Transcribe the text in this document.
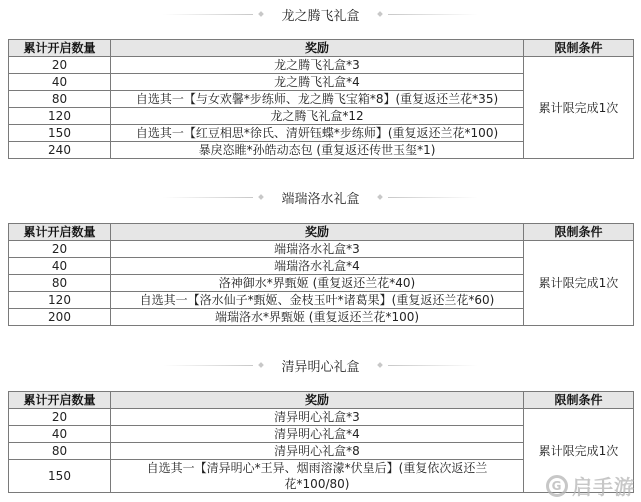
龙之腾飞礼盒
累计开启数量	奖励	限制条件
20	龙之腾飞礼盒*3	累计限完成1次
40	龙之腾飞礼盒*4	
80	自选其一【与女欢馨*步练师、龙之腾飞宝箱*8】(重复返还兰花*35)	
120	龙之腾飞礼盒*12	
150	自选其一【红豆相思*徐氏、清妍钰蝶*步练师】(重复返还兰花*100)	
240	暴戾恣睢*孙皓动态包 (重复返还传世玉玺*1)	
端瑞洛水礼盒
累计开启数量	奖励	限制条件
20	端瑞洛水礼盒*3	累计限完成1次
40	端瑞洛水礼盒*4	
80	洛神御水*界甄姬 (重复返还兰花*40)	
120	自选其一【洛水仙子*甄姬、金枝玉叶*诸葛果】(重复返还兰花*60)	
200	端瑞洛水*界甄姬 (重复返还兰花*100)	
清异明心礼盒
累计开启数量	奖励	限制条件
20	清异明心礼盒*3	累计限完成1次
40	清异明心礼盒*4	
80	清异明心礼盒*8	
150	自选其一【清异明心*王异、烟雨溶濛*伏皇后】(重复依次返还兰花*100/80)		G 启手游
